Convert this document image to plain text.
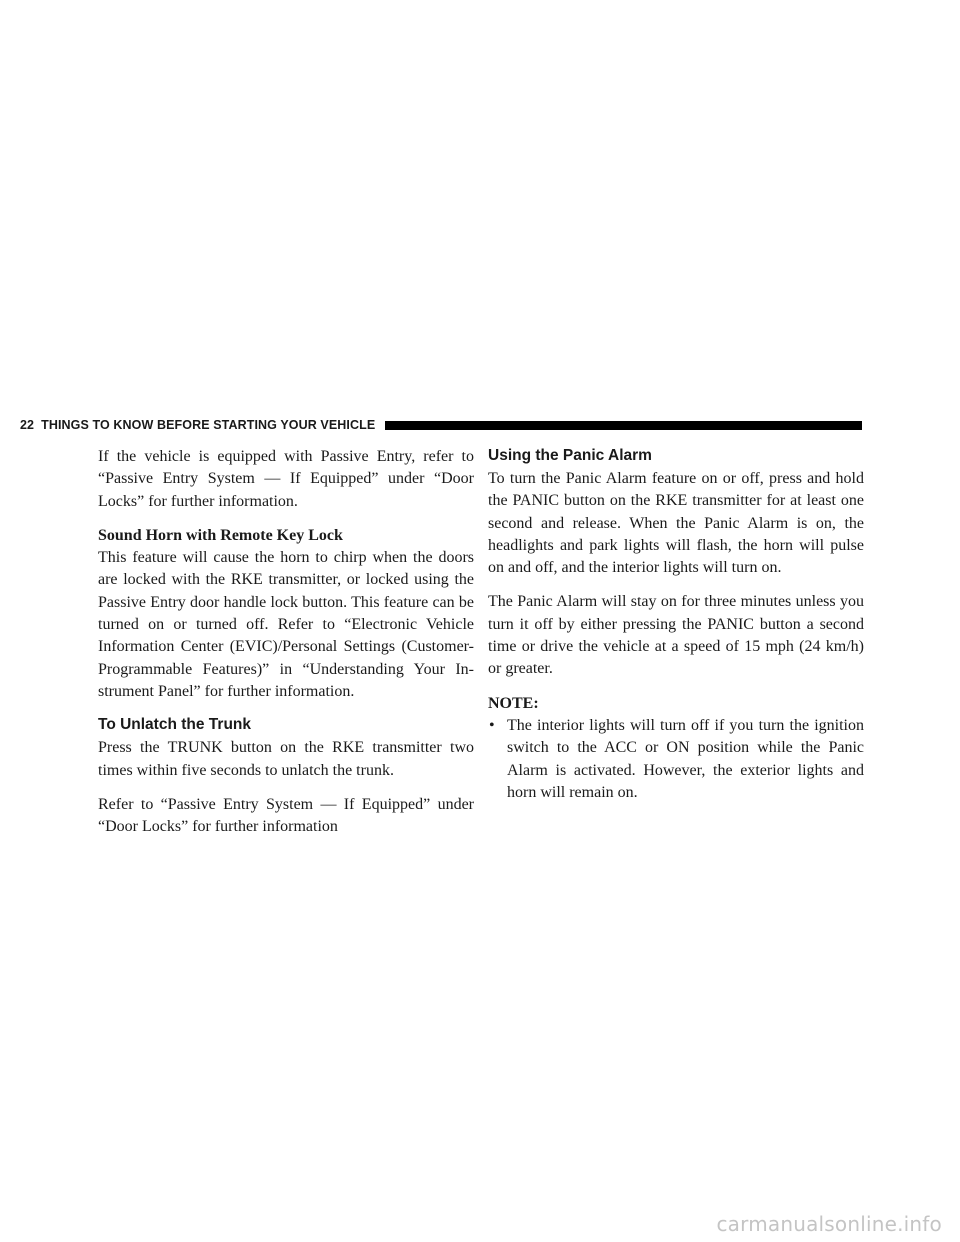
22 THINGS TO KNOW BEFORE STARTING YOUR VEHICLE

If the vehicle is equipped with Passive Entry, refer to “Passive Entry System — If Equipped” under “Door Locks” for further information.

Sound Horn with Remote Key Lock

This feature will cause the horn to chirp when the doors are locked with the RKE transmitter, or locked using the Passive Entry door handle lock button. This feature can be turned on or turned off. Refer to “Electronic Vehicle Information Center (EVIC)/Personal Settings (Customer-Programmable Features)” in “Understanding Your In-strument Panel” for further information.

To Unlatch the Trunk

Press the TRUNK button on the RKE transmitter two times within five seconds to unlatch the trunk.

Refer to “Passive Entry System — If Equipped” under “Door Locks” for further information

Using the Panic Alarm

To turn the Panic Alarm feature on or off, press and hold the PANIC button on the RKE transmitter for at least one second and release. When the Panic Alarm is on, the headlights and park lights will flash, the horn will pulse on and off, and the interior lights will turn on.

The Panic Alarm will stay on for three minutes unless you turn it off by either pressing the PANIC button a second time or drive the vehicle at a speed of 15 mph (24 km/h) or greater.

NOTE:
• The interior lights will turn off if you turn the ignition switch to the ACC or ON position while the Panic Alarm is activated. However, the exterior lights and horn will remain on.
carmanualsonline.info
